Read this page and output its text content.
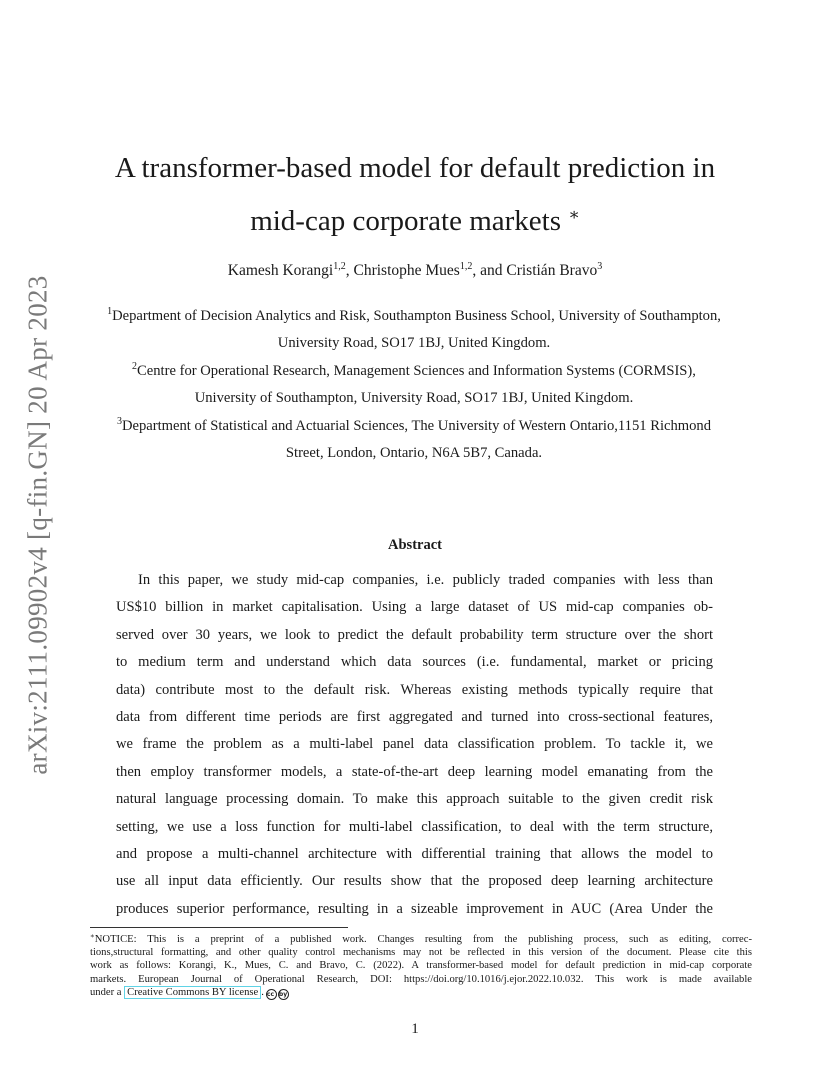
arXiv:2111.09902v4 [q-fin.GN] 20 Apr 2023
A transformer-based model for default prediction in
mid-cap corporate markets ∗
Kamesh Korangi$^{1,2}$, Christophe Mues$^{1,2}$, and Cristián Bravo$^3$

$^1$Department of Decision Analytics and Risk, Southampton Business School, University of Southampton,
University Road, SO17 1BJ, United Kingdom.

$^2$Centre for Operational Research, Management Sciences and Information Systems (CORMSIS),
University of Southampton, University Road, SO17 1BJ, United Kingdom.

$^3$Department of Statistical and Actuarial Sciences, The University of Western Ontario,1151 Richmond
Street, London, Ontario, N6A 5B7, Canada.

Abstract
In this paper, we study mid-cap companies, i.e. publicly traded companies with less than
US$10 billion in market capitalisation. Using a large dataset of US mid-cap companies ob-
served over 30 years, we look to predict the default probability term structure over the short
to medium term and understand which data sources (i.e. fundamental, market or pricing
data) contribute most to the default risk. Whereas existing methods typically require that
data from different time periods are first aggregated and turned into cross-sectional features,
we frame the problem as a multi-label panel data classification problem. To tackle it, we
then employ transformer models, a state-of-the-art deep learning model emanating from the
natural language processing domain. To make this approach suitable to the given credit risk
setting, we use a loss function for multi-label classification, to deal with the term structure,
and propose a multi-channel architecture with differential training that allows the model to
use all input data efficiently. Our results show that the proposed deep learning architecture
produces superior performance, resulting in a sizeable improvement in AUC (Area Under the
∗NOTICE: This is a preprint of a published work. Changes resulting from the publishing process, such as editing, correc-
tions,structural formatting, and other quality control mechanisms may not be reflected in this version of the document. Please cite this
work as follows: Korangi, K., Mues, C. and Bravo, C. (2022). A transformer-based model for default prediction in mid-cap corporate
markets. European Journal of Operational Research, DOI: https://doi.org/10.1016/j.ejor.2022.10.032. This work is made available
under a Creative Commons BY license . cc by
1
